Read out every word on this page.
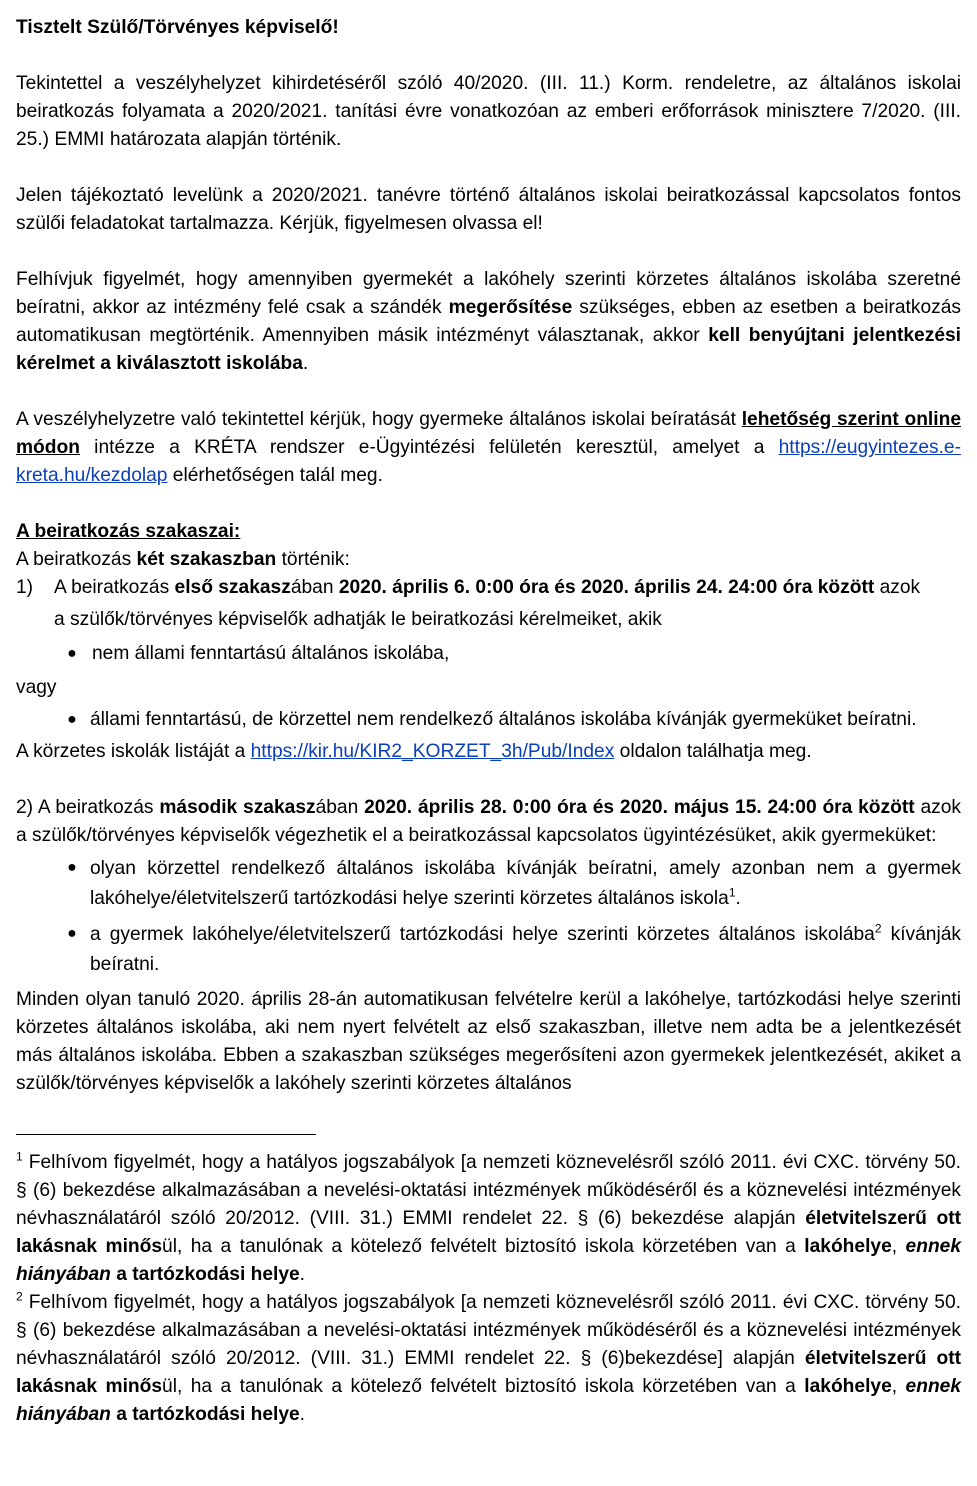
Tisztelt Szülő/Törvényes képviselő!

Tekintettel a veszélyhelyzet kihirdetéséről szóló 40/2020. (III. 11.) Korm. rendeletre, az általános iskolai beiratkozás folyamata a 2020/2021. tanítási évre vonatkozóan az emberi erőforrások minisztere 7/2020. (III. 25.) EMMI határozata alapján történik.

Jelen tájékoztató levelünk a 2020/2021. tanévre történő általános iskolai beiratkozással kapcsolatos fontos szülői feladatokat tartalmazza. Kérjük, figyelmesen olvassa el!

Felhívjuk figyelmét, hogy amennyiben gyermekét a lakóhely szerinti körzetes általános iskolába szeretné beíratni, akkor az intézmény felé csak a szándék megerősítése szükséges, ebben az esetben a beiratkozás automatikusan megtörténik. Amennyiben másik intézményt választanak, akkor kell benyújtani jelentkezési kérelmet a kiválasztott iskolába.

A veszélyhelyzetre való tekintettel kérjük, hogy gyermeke általános iskolai beíratását lehetőség szerint online módon intézze a KRÉTA rendszer e-Ügyintézési felületén keresztül, amelyet a https://eugyintezes.e-kreta.hu/kezdolap elérhetőségen talál meg.

A beiratkozás szakaszai:

A beiratkozás két szakaszban történik:

1)	A beiratkozás első szakaszában 2020. április 6. 0:00 óra és 2020. április 24. 24:00 óra között azok

a szülők/törvényes képviselők adhatják le beiratkozási kérelmeiket, akik

● nem állami fenntartású általános iskolába,

vagy

● állami fenntartású, de körzettel nem rendelkező általános iskolába kívánják gyermeküket beíratni.

A körzetes iskolák listáját a https://kir.hu/KIR2_KORZET_3h/Pub/Index oldalon találhatja meg.

2) A beiratkozás második szakaszában 2020. április 28. 0:00 óra és 2020. május 15. 24:00 óra között azok a szülők/törvényes képviselők végezhetik el a beiratkozással kapcsolatos ügyintézésüket, akik gyermeküket:

● olyan körzettel rendelkező általános iskolába kívánják beíratni, amely azonban nem a gyermek lakóhelye/életvitelszerű tartózkodási helye szerinti körzetes általános iskola$^1$.
● a gyermek lakóhelye/életvitelszerű tartózkodási helye szerinti körzetes általános iskolába$^2$ kívánják beíratni.

Minden olyan tanuló 2020. április 28-án automatikusan felvételre kerül a lakóhelye, tartózkodási helye szerinti körzetes általános iskolába, aki nem nyert felvételt az első szakaszban, illetve nem adta be a jelentkezését más általános iskolába. Ebben a szakaszban szükséges megerősíteni azon gyermekek jelentkezését, akiket a szülők/törvényes képviselők a lakóhely szerinti körzetes általános

$^1$ Felhívom figyelmét, hogy a hatályos jogszabályok [a nemzeti köznevelésről szóló 2011. évi CXC. törvény 50. § (6) bekezdése alkalmazásában a nevelési-oktatási intézmények működéséről és a köznevelési intézmények névhasználatáról szóló 20/2012. (VIII. 31.) EMMI rendelet 22. § (6) bekezdése alapján életvitelszerű ott lakásnak minősül, ha a tanulónak a kötelező felvételt biztosító iskola körzetében van a lakóhelye, ennek hiányában a tartózkodási helye.

$^2$ Felhívom figyelmét, hogy a hatályos jogszabályok [a nemzeti köznevelésről szóló 2011. évi CXC. törvény 50. § (6) bekezdése alkalmazásában a nevelési-oktatási intézmények működéséről és a köznevelési intézmények névhasználatáról szóló 20/2012. (VIII. 31.) EMMI rendelet 22. § (6)bekezdése] alapján életvitelszerű ott lakásnak minősül, ha a tanulónak a kötelező felvételt biztosító iskola körzetében van a lakóhelye, ennek hiányában a tartózkodási helye.
